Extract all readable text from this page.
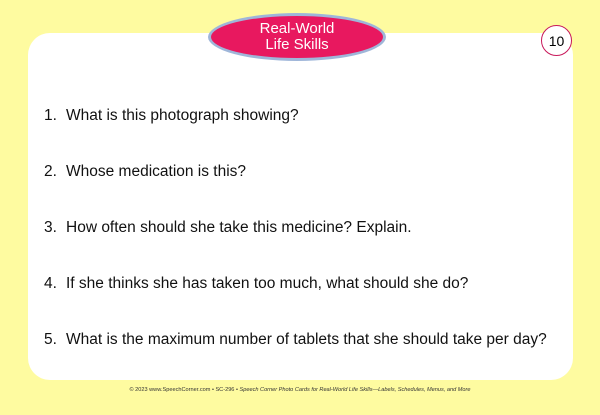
Real-World
Life Skills	10
1. What is this photograph showing?
2. Whose medication is this?
3. How often should she take this medicine? Explain.
4. If she thinks she has taken too much, what should she do?
5. What is the maximum number of tablets that she should take per day?
© 2023 www.SpeechCorner.com • SC-296 • Speech Corner Photo Cards for Real-World Life Skills—Labels, Schedules, Menus, and More
